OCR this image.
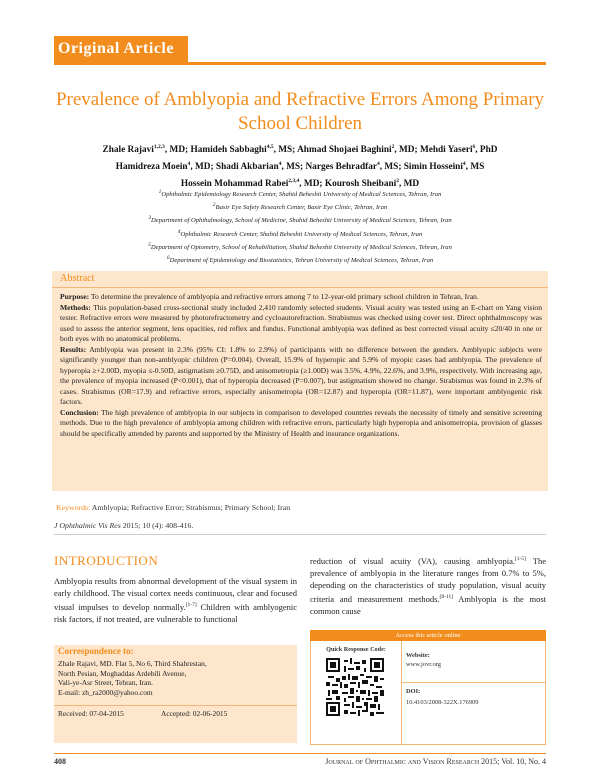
Original Article
Prevalence of Amblyopia and Refractive Errors Among Primary School Children
Zhale Rajavi$^{1,2,3}$, MD; Hamideh Sabbaghi$^{4,5}$, MS; Ahmad Shojaei Baghini$^2$, MD; Mehdi Yaseri$^6$, PhD
Hamidreza Moein$^4$, MD; Shadi Akbarian$^4$, MS; Narges Behradfar$^4$, MS; Simin Hosseini$^4$, MS
Hossein Mohammad Rabei$^{2,3,4}$, MD; Kourosh Sheibani$^2$, MD
$^1$Ophthalmic Epidemiology Research Center, Shahid Beheshti University of Medical Sciences, Tehran, Iran
$^2$Basir Eye Safety Research Center, Basir Eye Clinic, Tehran, Iran
$^3$Department of Ophthalmology, School of Medicine, Shahid Beheshti University of Medical Sciences, Tehran, Iran
$^4$Ophthalmic Research Center, Shahid Beheshti University of Medical Sciences, Tehran, Iran
$^5$Department of Optometry, School of Rehabilitation, Shahid Beheshti University of Medical Sciences, Tehran, Iran
$^6$Department of Epidemiology and Biostatistics, Tehran University of Medical Sciences, Tehran, Iran
Abstract

Purpose: To determine the prevalence of amblyopia and refractive errors among 7 to 12-year-old primary school children in Tehran, Iran.

Methods: This population-based cross-sectional study included 2,410 randomly selected students. Visual acuity was tested using an E-chart on Yang vision tester. Refractive errors were measured by photorefractometry and cycloautorefraction. Strabismus was checked using cover test. Direct ophthalmoscopy was used to assess the anterior segment, lens opacities, red reflex and fundus. Functional amblyopia was defined as best corrected visual acuity ≤20/40 in one or both eyes with no anatomical problems.

Results: Amblyopia was present in 2.3% (95% CI: 1.8% to 2.9%) of participants with no difference between the genders. Amblyopic subjects were significantly younger than non-amblyopic children (P=0.004). Overall, 15.9% of hyperopic and 5.9% of myopic cases had amblyopia. The prevalence of hyperopia ≥+2.00D, myopia ≤-0.50D, astigmatism ≥0.75D, and anisometropia (≥1.00D) was 3.5%, 4.9%, 22.6%, and 3.9%, respectively. With increasing age, the prevalence of myopia increased (P<0.001), that of hyperopia decreased (P=0.007), but astigmatism showed no change. Strabismus was found in 2.3% of cases. Strabismus (OR=17.9) and refractive errors, especially anisometropia (OR=12.87) and hyperopia (OR=11.87), were important amblyogenic risk factors.

Conclusion: The high prevalence of amblyopia in our subjects in comparison to developed countries reveals the necessity of timely and sensitive screening methods. Due to the high prevalence of amblyopia among children with refractive errors, particularly high hyperopia and anisometropia, provision of glasses should be specifically attended by parents and supported by the Ministry of Health and insurance organizations.

Keywords: Amblyopia; Refractive Error; Strabismus; Primary School; Iran
J Ophthalmic Vis Res 2015; 10 (4): 408-416.
INTRODUCTION
Amblyopia results from abnormal development of the visual system in early childhood. The visual cortex needs continuous, clear and focused visual impulses to develop normally.[1-7] Children with amblyogenic risk factors, if not treated, are vulnerable to functional
reduction of visual acuity (VA), causing amblyopia.[1-5] The prevalence of amblyopia in the literature ranges from 0.7% to 5%, depending on the characteristics of study population, visual acuity criteria and measurement methods.[8-11] Amblyopia is the most common cause
Correspondence to:
Zhale Rajavi, MD. Flat 5, No 6, Third Shahrestan,
North Pesian, Moghaddas Ardebili Avenue,
Vali-ye-Asr Street, Tehran, Iran.
E-mail: zh_ra2000@yahoo.com
Received: 07-04-2015	Accepted: 02-06-2015
Access this article online
Quick Response Code:
Website:
www.jovr.org
DOI:
10.4103/2008-322X.176909
408	Journal of Ophthalmic and Vision Research 2015; Vol. 10, No. 4
